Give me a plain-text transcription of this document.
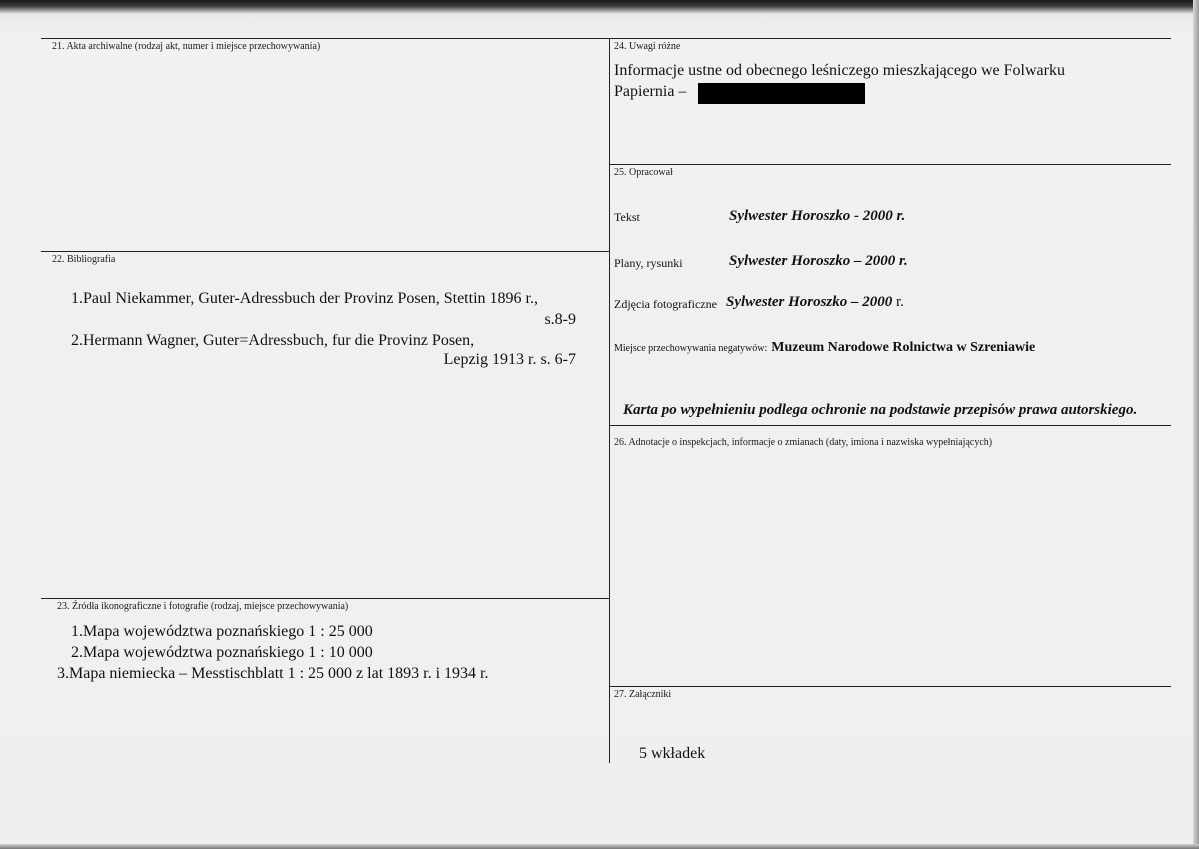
21. Akta archiwalne (rodzaj akt, numer i miejsce przechowywania)
22. Bibliografia
1.Paul Niekammer, Guter-Adressbuch der Provinz Posen, Stettin 1896 r.,
s.8-9
2.Hermann Wagner, Guter=Adressbuch, fur die Provinz Posen,
Lepzig 1913 r. s. 6-7
23. Źródła ikonograficzne i fotografie (rodzaj, miejsce przechowywania)
1.Mapa województwa poznańskiego 1 : 25 000
2.Mapa województwa poznańskiego 1 : 10 000
3.Mapa niemiecka – Messtischblatt 1 : 25 000 z lat 1893 r. i 1934 r.
24. Uwagi różne
Informacje ustne od obecnego leśniczego mieszkającego we Folwarku
Papiernia –
25. Opracował
Tekst	Sylwester Horoszko - 2000 r.
Plany, rysunki	Sylwester Horoszko – 2000 r.
Zdjęcia fotograficzne Sylwester Horoszko – 2000 r.
Miejsce przechowywania negatywów: Muzeum Narodowe Rolnictwa w Szreniawie
Karta po wypełnieniu podlega ochronie na podstawie przepisów prawa autorskiego.
26. Adnotacje o inspekcjach, informacje o zmianach (daty, imiona i nazwiska wypełniających)
27. Załączniki
5 wkładek
